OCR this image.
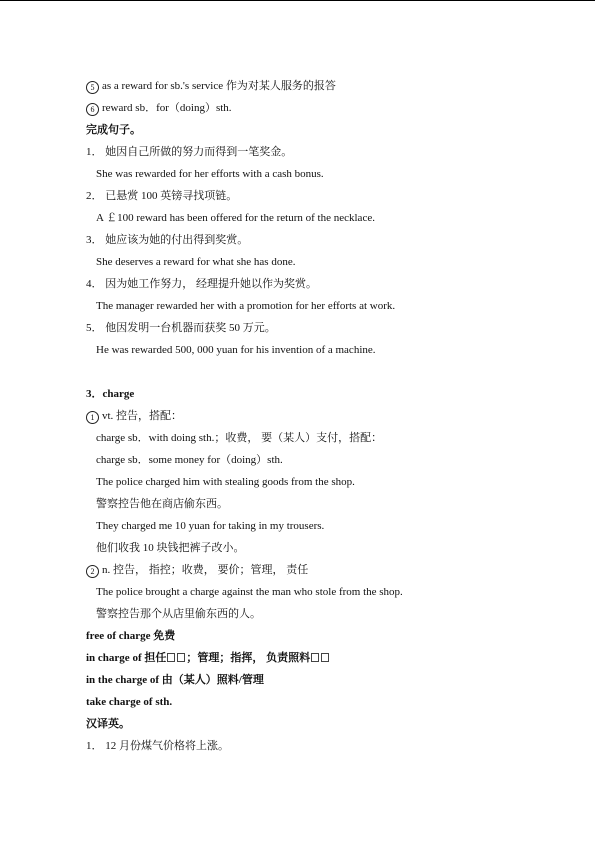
5 as a reward for sb.'s service 作为对某人服务的报答
6 reward sb．for（doing）sth.
完成句子。
1． 她因自己所做的努力而得到一笔奖金。
She was rewarded for her efforts with a cash bonus.
2． 已悬赏 100 英镑寻找项链。
A ￡100 reward has been offered for the return of the necklace.
3． 她应该为她的付出得到奖赏。
She deserves a reward for what she has done.
4． 因为她工作努力， 经理提升她以作为奖赏。
The manager rewarded her with a promotion for her efforts at work.
5． 他因发明一台机器而获奖 50 万元。
He was rewarded 500, 000 yuan for his invention of a machine.
3．charge
1 vt. 控告，搭配：
charge sb．with doing sth.；收费， 要（某人）支付，搭配：
charge sb．some money for（doing）sth.
The police charged him with stealing goods from the shop.
警察控告他在商店偷东西。
They charged me 10 yuan for taking in my trousers.
他们收我 10 块钱把裤子改小。
2 n. 控告， 指控；收费， 要价；管理， 责任
The police brought a charge against the man who stole from the shop.
警察控告那个从店里偷东西的人。
free of charge 免费
in charge of 担任 ；管理；指挥， 负责照料
in the charge of 由（某人）照料/管理
take charge of sth.
汉译英。
1． 12 月份煤气价格将上涨。
